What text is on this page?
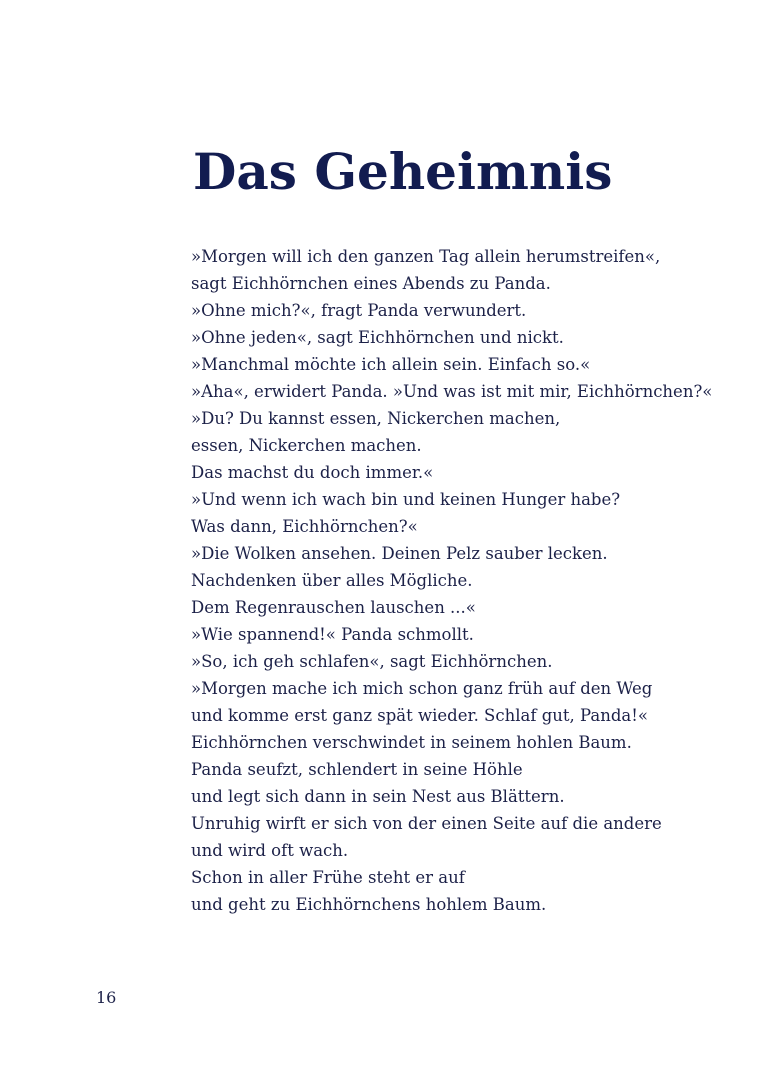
Das Geheimnis
»Morgen will ich den ganzen Tag allein herumstreifen«,
sagt Eichhörnchen eines Abends zu Panda.
»Ohne mich?«, fragt Panda verwundert.
»Ohne jeden«, sagt Eichhörnchen und nickt.
»Manchmal möchte ich allein sein. Einfach so.«
»Aha«, erwidert Panda. »Und was ist mit mir, Eichhörnchen?«
»Du? Du kannst essen, Nickerchen machen,
essen, Nickerchen machen.
Das machst du doch immer.«
»Und wenn ich wach bin und keinen Hunger habe?
Was dann, Eichhörnchen?«
»Die Wolken ansehen. Deinen Pelz sauber lecken.
Nachdenken über alles Mögliche.
Dem Regenrauschen lauschen ...«
»Wie spannend!« Panda schmollt.
»So, ich geh schlafen«, sagt Eichhörnchen.
»Morgen mache ich mich schon ganz früh auf den Weg
und komme erst ganz spät wieder. Schlaf gut, Panda!«
Eichhörnchen verschwindet in seinem hohlen Baum.
Panda seufzt, schlendert in seine Höhle
und legt sich dann in sein Nest aus Blättern.
Unruhig wirft er sich von der einen Seite auf die andere
und wird oft wach.
Schon in aller Frühe steht er auf
und geht zu Eichhörnchens hohlem Baum.
16
